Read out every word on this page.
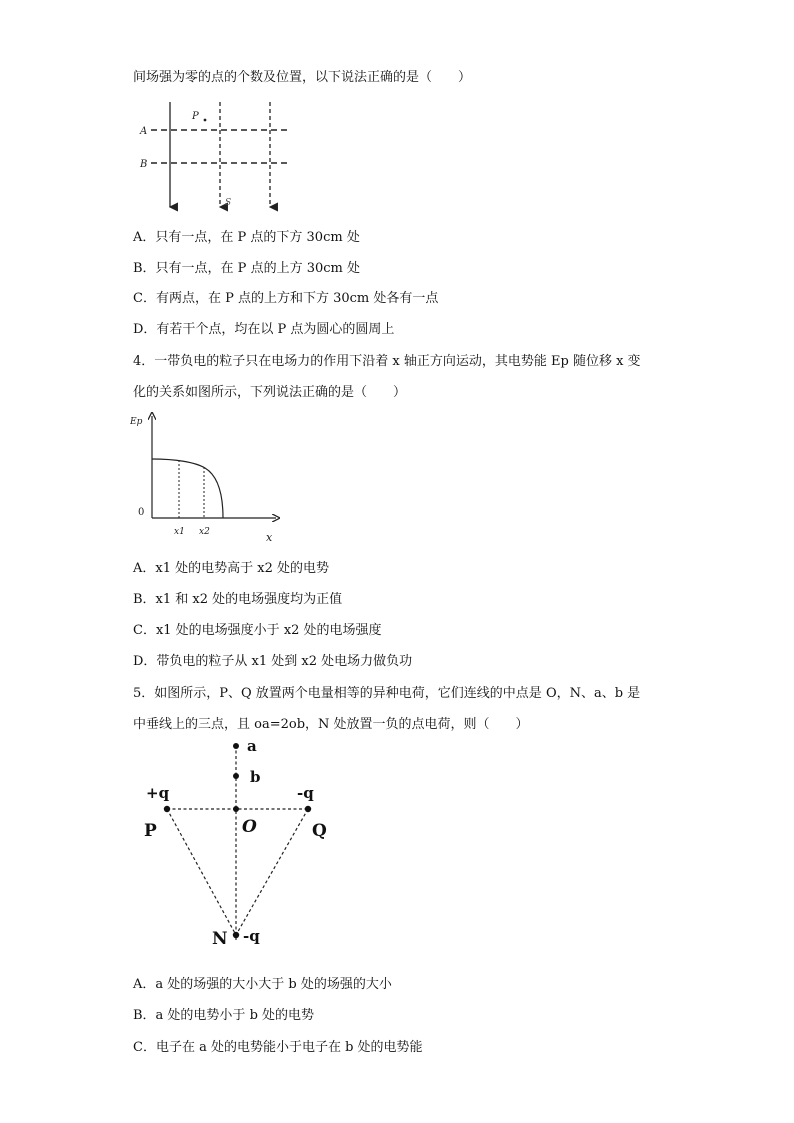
间场强为零的点的个数及位置，以下说法正确的是（　　）
P
A
B
S
A．只有一点，在 P 点的下方 30cm 处
B．只有一点，在 P 点的上方 30cm 处
C．有两点，在 P 点的上方和下方 30cm 处各有一点
D．有若干个点，均在以 P 点为圆心的圆周上
4．一带负电的粒子只在电场力的作用下沿着 x 轴正方向运动，其电势能 Ep 随位移 x 变
化的关系如图所示，下列说法正确的是（　　）
Ep
0
x1 x2	x
A．x1 处的电势高于 x2 处的电势
B．x1 和 x2 处的电场强度均为正值
C．x1 处的电场强度小于 x2 处的电场强度
D．带负电的粒子从 x1 处到 x2 处电场力做负功
5．如图所示，P、Q 放置两个电量相等的异种电荷，它们连线的中点是 O，N、a、b 是
中垂线上的三点，且 oa=2ob，N 处放置一负的点电荷，则（　　）
a
b
+q	-q
P	O	Q
N -q
A．a 处的场强的大小大于 b 处的场强的大小
B．a 处的电势小于 b 处的电势
C．电子在 a 处的电势能小于电子在 b 处的电势能
